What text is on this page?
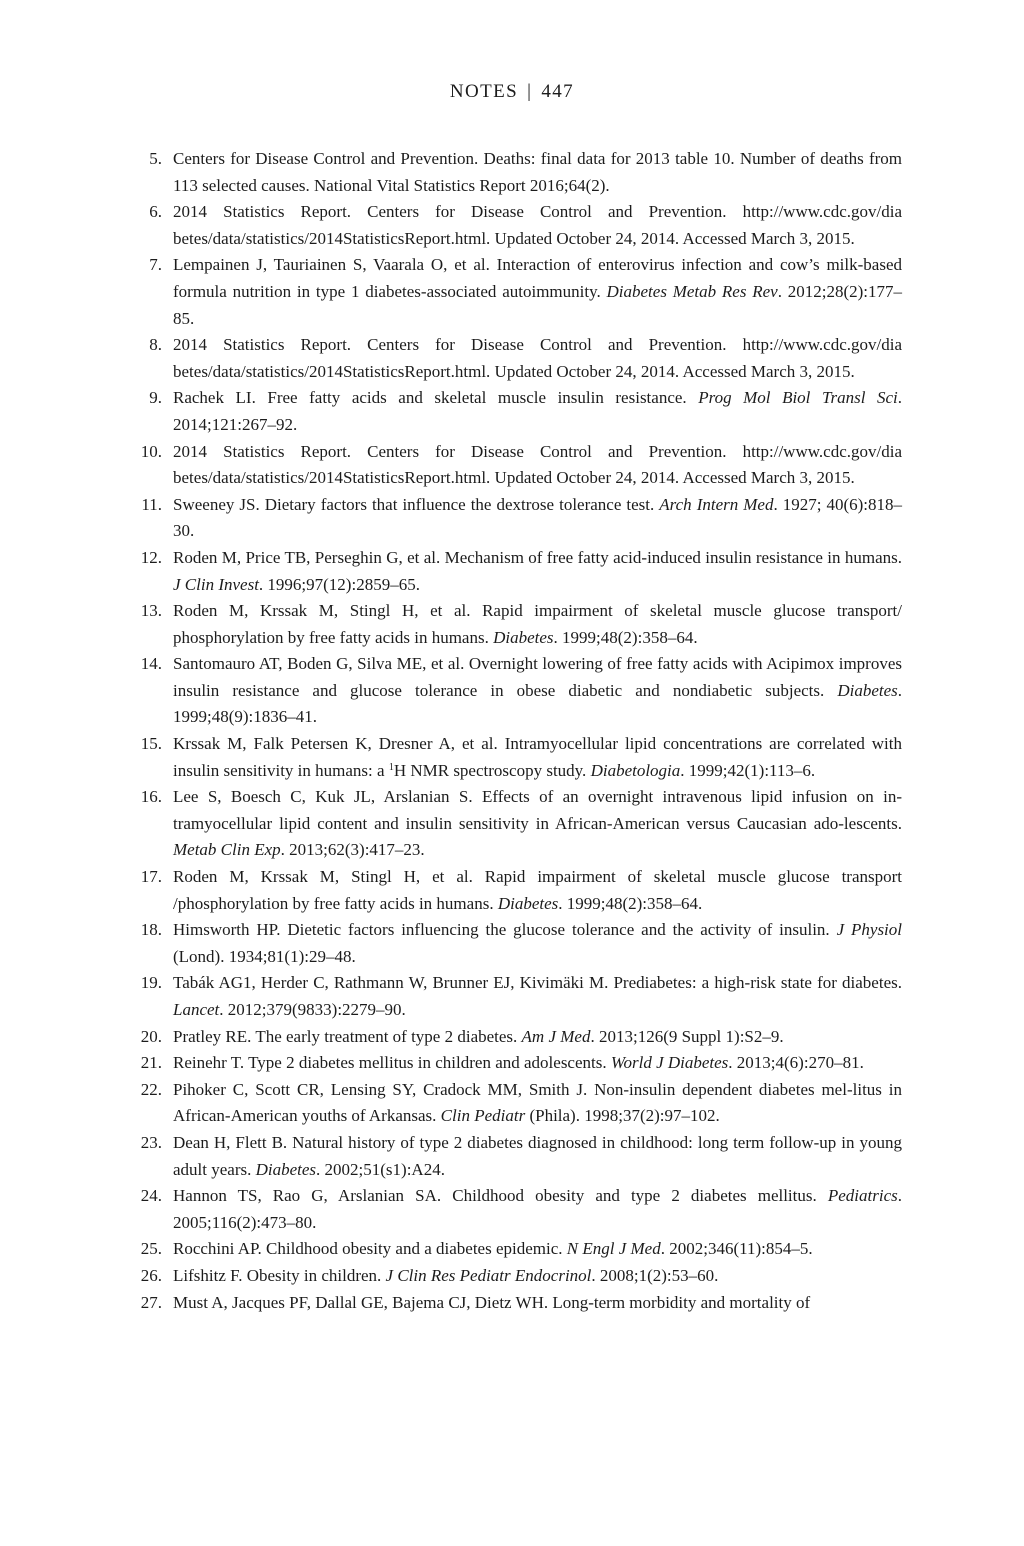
NOTES | 447
5. Centers for Disease Control and Prevention. Deaths: final data for 2013 table 10. Number of deaths from 113 selected causes. National Vital Statistics Report 2016;64(2).
6. 2014 Statistics Report. Centers for Disease Control and Prevention. http://www.cdc.gov/dia betes/data/statistics/2014StatisticsReport.html. Updated October 24, 2014. Accessed March 3, 2015.
7. Lempainen J, Tauriainen S, Vaarala O, et al. Interaction of enterovirus infection and cow’s milk-based formula nutrition in type 1 diabetes-associated autoimmunity. Diabetes Metab Res Rev. 2012;28(2):177–85.
8. 2014 Statistics Report. Centers for Disease Control and Prevention. http://www.cdc.gov/dia betes/data/statistics/2014StatisticsReport.html. Updated October 24, 2014. Accessed March 3, 2015.
9. Rachek LI. Free fatty acids and skeletal muscle insulin resistance. Prog Mol Biol Transl Sci. 2014;121:267–92.
10. 2014 Statistics Report. Centers for Disease Control and Prevention. http://www.cdc.gov/dia betes/data/statistics/2014StatisticsReport.html. Updated October 24, 2014. Accessed March 3, 2015.
11. Sweeney JS. Dietary factors that influence the dextrose tolerance test. Arch Intern Med. 1927; 40(6):818–30.
12. Roden M, Price TB, Perseghin G, et al. Mechanism of free fatty acid-induced insulin resistance in humans. J Clin Invest. 1996;97(12):2859–65.
13. Roden M, Krssak M, Stingl H, et al. Rapid impairment of skeletal muscle glucose transport/ phosphorylation by free fatty acids in humans. Diabetes. 1999;48(2):358–64.
14. Santomauro AT, Boden G, Silva ME, et al. Overnight lowering of free fatty acids with Acipimox improves insulin resistance and glucose tolerance in obese diabetic and nondiabetic subjects. Diabetes. 1999;48(9):1836–41.
15. Krssak M, Falk Petersen K, Dresner A, et al. Intramyocellular lipid concentrations are correlated with insulin sensitivity in humans: a $^1$H NMR spectroscopy study. Diabetologia. 1999;42(1):113–6.
16. Lee S, Boesch C, Kuk JL, Arslanian S. Effects of an overnight intravenous lipid infusion on in-tramyocellular lipid content and insulin sensitivity in African-American versus Caucasian ado-lescents. Metab Clin Exp. 2013;62(3):417–23.
17. Roden M, Krssak M, Stingl H, et al. Rapid impairment of skeletal muscle glucose transport /phosphorylation by free fatty acids in humans. Diabetes. 1999;48(2):358–64.
18. Himsworth HP. Dietetic factors influencing the glucose tolerance and the activity of insulin. J Physiol (Lond). 1934;81(1):29–48.
19. Tabák AG1, Herder C, Rathmann W, Brunner EJ, Kivimäki M. Prediabetes: a high-risk state for diabetes. Lancet. 2012;379(9833):2279–90.
20. Pratley RE. The early treatment of type 2 diabetes. Am J Med. 2013;126(9 Suppl 1):S2–9.
21. Reinehr T. Type 2 diabetes mellitus in children and adolescents. World J Diabetes. 2013;4(6):270–81.
22. Pihoker C, Scott CR, Lensing SY, Cradock MM, Smith J. Non-insulin dependent diabetes mel-litus in African-American youths of Arkansas. Clin Pediatr (Phila). 1998;37(2):97–102.
23. Dean H, Flett B. Natural history of type 2 diabetes diagnosed in childhood: long term follow-up in young adult years. Diabetes. 2002;51(s1):A24.
24. Hannon TS, Rao G, Arslanian SA. Childhood obesity and type 2 diabetes mellitus. Pediatrics. 2005;116(2):473–80.
25. Rocchini AP. Childhood obesity and a diabetes epidemic. N Engl J Med. 2002;346(11):854–5.
26. Lifshitz F. Obesity in children. J Clin Res Pediatr Endocrinol. 2008;1(2):53–60.
27. Must A, Jacques PF, Dallal GE, Bajema CJ, Dietz WH. Long-term morbidity and mortality of
